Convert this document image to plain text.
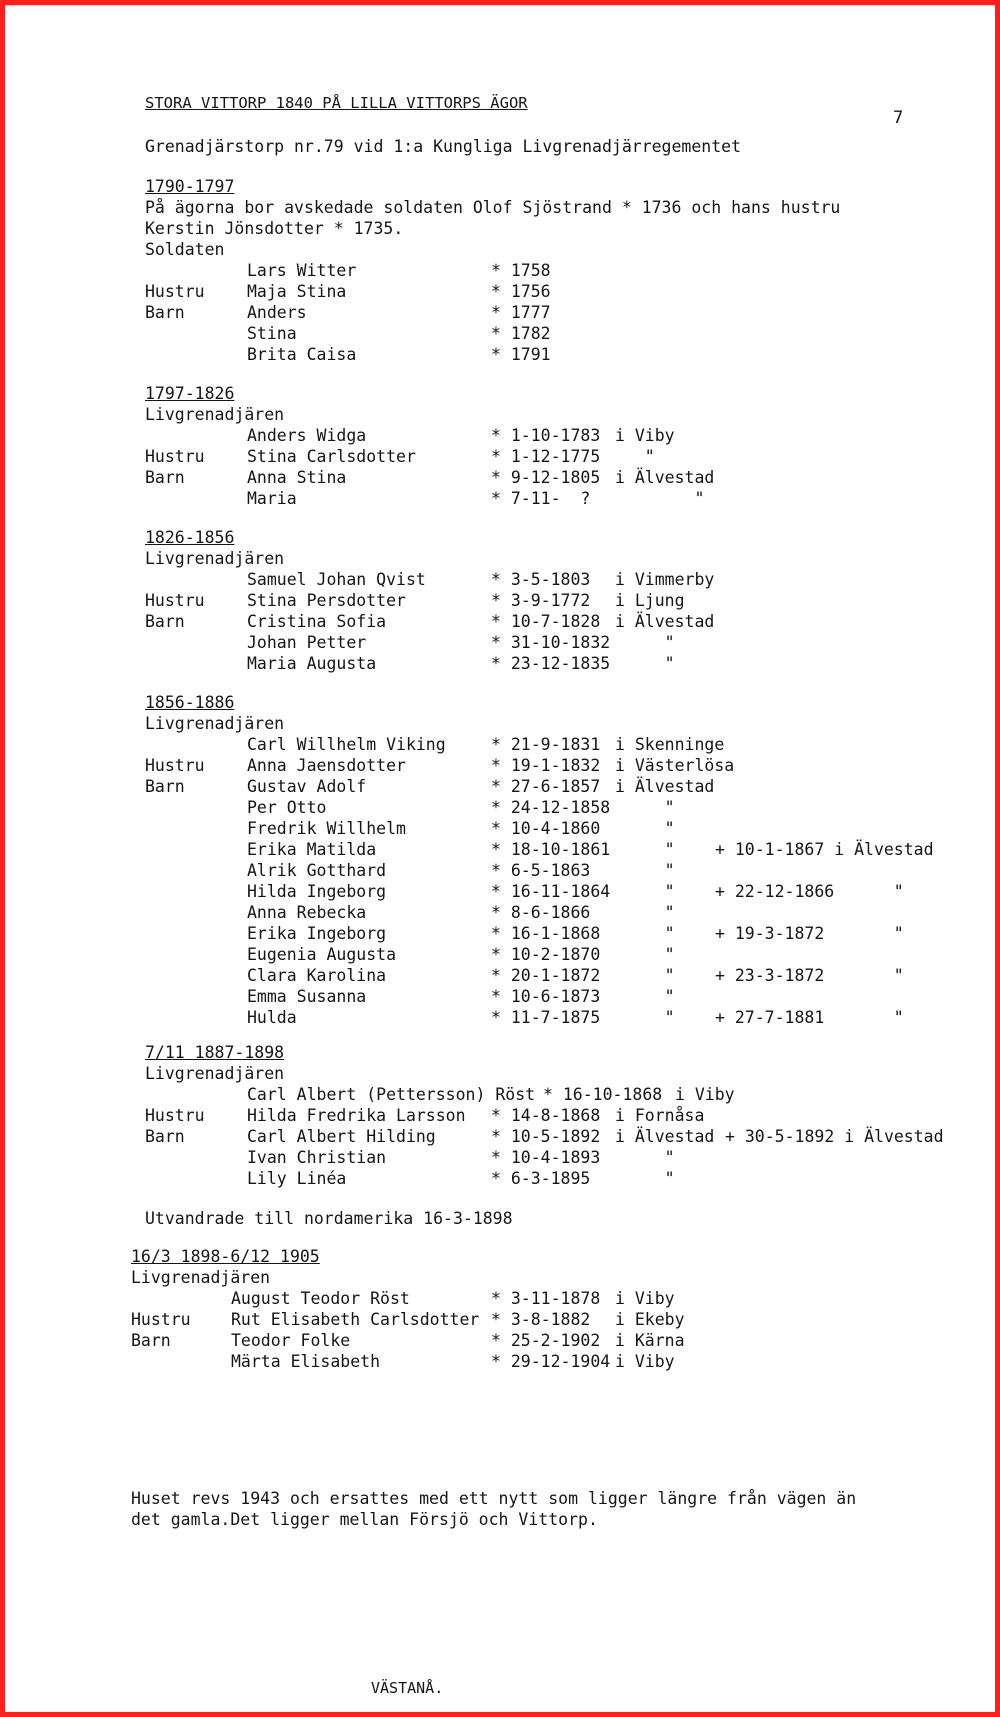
STORA VITTORP 1840 PÅ LILLA VITTORPS ÄGOR
7
Grenadjärstorp nr.79 vid 1:a Kungliga Livgrenadjärregementet
1790-1797
På ägorna bor avskedade soldaten Olof Sjöstrand * 1736 och hans hustru
Kerstin Jönsdotter * 1735.
Soldaten
Lars Witter	* 1758
Hustru	Maja Stina	* 1756
Barn	Anders	* 1777
Stina	* 1782
Brita Caisa	* 1791
1797-1826
Livgrenadjären
Anders Widga	* 1-10-1783 i Viby
Hustru	Stina Carlsdotter	* 1-12-1775 "
Barn	Anna Stina	* 9-12-1805 i Älvestad
Maria	* 7-11-  ? "
1826-1856
Livgrenadjären
Samuel Johan Qvist	* 3-5-1803 i Vimmerby
Hustru	Stina Persdotter	* 3-9-1772 i Ljung
Barn	Cristina Sofia	* 10-7-1828 i Älvestad
Johan Petter	* 31-10-1832 "
Maria Augusta	* 23-12-1835 "
1856-1886
Livgrenadjären
Carl Willhelm Viking	* 21-9-1831 i Skenninge
Hustru	Anna Jaensdotter	* 19-1-1832 i Västerlösa
Barn	Gustav Adolf	* 27-6-1857 i Älvestad
Per Otto	* 24-12-1858 "
Fredrik Willhelm	* 10-4-1860 "
Erika Matilda	* 18-10-1861 " + 10-1-1867 i Älvestad
Alrik Gotthard	* 6-5-1863 "
Hilda Ingeborg	* 16-11-1864 " + 22-12-1866      "
Anna Rebecka	* 8-6-1866 "
Erika Ingeborg	* 16-1-1868 " + 19-3-1872       "
Eugenia Augusta	* 10-2-1870 "
Clara Karolina	* 20-1-1872 " + 23-3-1872       "
Emma Susanna	* 10-6-1873 "
Hulda	* 11-7-1875 " + 27-7-1881       "
7/11 1887-1898
Livgrenadjären
Carl Albert (Pettersson) Röst * 16-10-1868 i Viby
Hustru	Hilda Fredrika Larsson * 14-8-1868 i Fornåsa
Barn	Carl Albert Hilding	* 10-5-1892 i Älvestad + 30-5-1892 i Älvestad
Ivan Christian	* 10-4-1893 "
Lily Linéa	* 6-3-1895 "
Utvandrade till nordamerika 16-3-1898
16/3 1898-6/12 1905
Livgrenadjären
August Teodor Röst	* 3-11-1878 i Viby
Hustru Rut Elisabeth Carlsdotter * 3-8-1882 i Ekeby
Barn	Teodor Folke	* 25-2-1902 i Kärna
Märta Elisabeth	* 29-12-1904 i Viby
Huset revs 1943 och ersattes med ett nytt som ligger längre från vägen än
det gamla.Det ligger mellan Försjö och Vittorp.
VÄSTANÅ.
